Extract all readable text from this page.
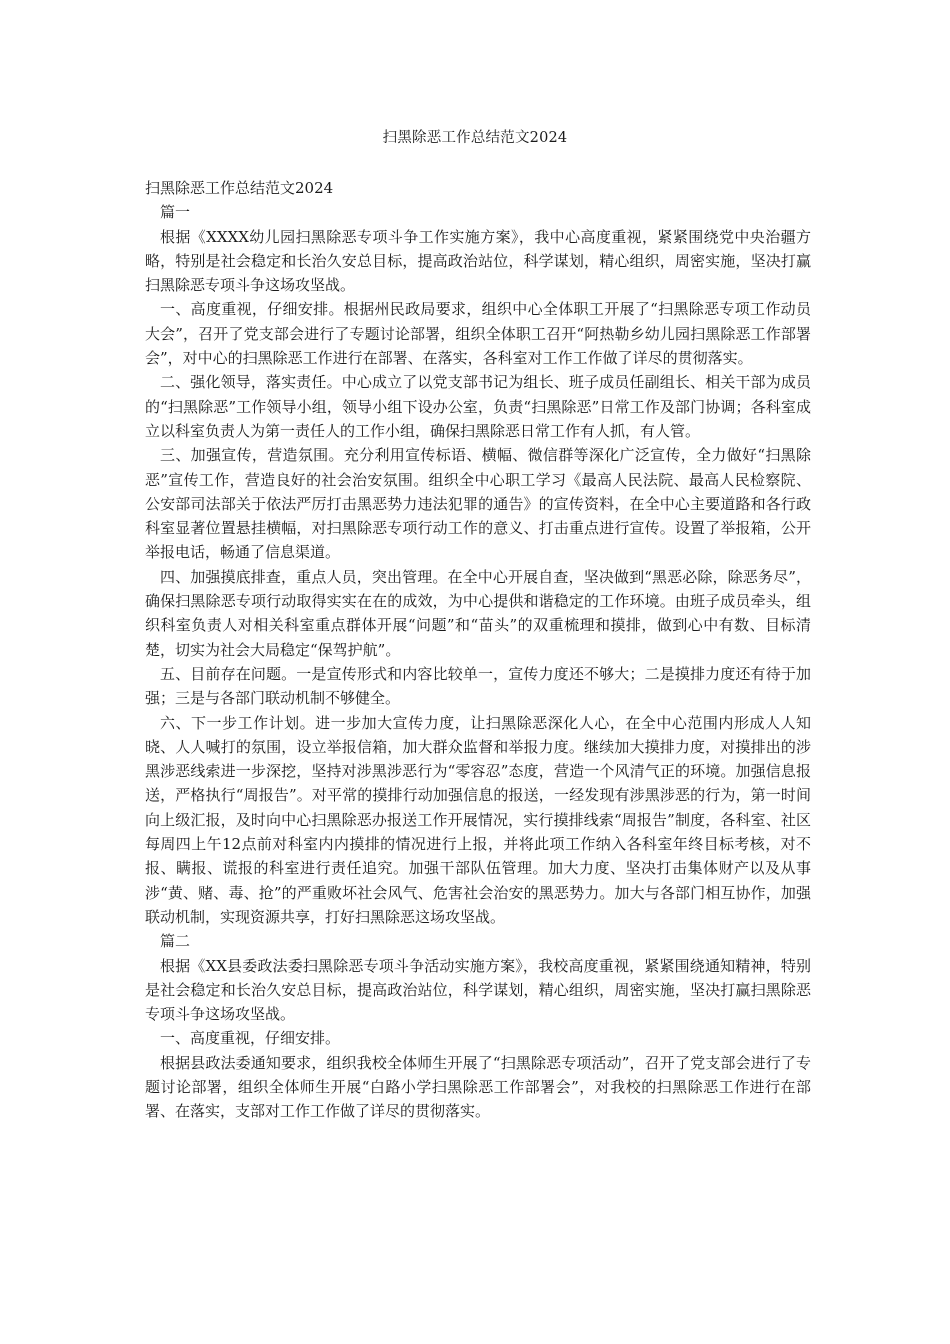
扫黑除恶工作总结范文2024

扫黑除恶工作总结范文2024

篇一

根据《XXXX幼儿园扫黑除恶专项斗争工作实施方案》，我中心高度重视，紧紧围绕党中央治疆方略，特别是社会稳定和长治久安总目标，提高政治站位，科学谋划，精心组织，周密实施，坚决打赢扫黑除恶专项斗争这场攻坚战。

一、高度重视，仔细安排。根据州民政局要求，组织中心全体职工开展了“扫黑除恶专项工作动员大会”，召开了党支部会进行了专题讨论部署，组织全体职工召开“阿热勒乡幼儿园扫黑除恶工作部署会”，对中心的扫黑除恶工作进行在部署、在落实，各科室对工作工作做了详尽的贯彻落实。

二、强化领导，落实责任。中心成立了以党支部书记为组长、班子成员任副组长、相关干部为成员的“扫黑除恶”工作领导小组，领导小组下设办公室，负责“扫黑除恶”日常工作及部门协调；各科室成立以科室负责人为第一责任人的工作小组，确保扫黑除恶日常工作有人抓，有人管。

三、加强宣传，营造氛围。充分利用宣传标语、横幅、微信群等深化广泛宣传，全力做好“扫黑除恶”宣传工作，营造良好的社会治安氛围。组织全中心职工学习《最高人民法院、最高人民检察院、公安部司法部关于依法严厉打击黑恶势力违法犯罪的通告》的宣传资料，在全中心主要道路和各行政科室显著位置悬挂横幅，对扫黑除恶专项行动工作的意义、打击重点进行宣传。设置了举报箱，公开举报电话，畅通了信息渠道。

四、加强摸底排查，重点人员，突出管理。在全中心开展自查，坚决做到“黑恶必除，除恶务尽”，确保扫黑除恶专项行动取得实实在在的成效，为中心提供和谐稳定的工作环境。由班子成员牵头，组织科室负责人对相关科室重点群体开展“问题”和“苗头”的双重梳理和摸排，做到心中有数、目标清楚，切实为社会大局稳定“保驾护航”。

五、目前存在问题。一是宣传形式和内容比较单一，宣传力度还不够大；二是摸排力度还有待于加强；三是与各部门联动机制不够健全。

六、下一步工作计划。进一步加大宣传力度，让扫黑除恶深化人心，在全中心范围内形成人人知晓、人人喊打的氛围，设立举报信箱，加大群众监督和举报力度。继续加大摸排力度，对摸排出的涉黑涉恶线索进一步深挖，坚持对涉黑涉恶行为“零容忍”态度，营造一个风清气正的环境。加强信息报送，严格执行“周报告”。对平常的摸排行动加强信息的报送，一经发现有涉黑涉恶的行为，第一时间向上级汇报，及时向中心扫黑除恶办报送工作开展情况，实行摸排线索“周报告”制度，各科室、社区每周四上午12点前对科室内内摸排的情况进行上报，并将此项工作纳入各科室年终目标考核，对不报、瞒报、谎报的科室进行责任追究。加强干部队伍管理。加大力度、坚决打击集体财产以及从事涉“黄、赌、毒、抢”的严重败坏社会风气、危害社会治安的黑恶势力。加大与各部门相互协作，加强联动机制，实现资源共享，打好扫黑除恶这场攻坚战。

篇二

根据《XX县委政法委扫黑除恶专项斗争活动实施方案》，我校高度重视，紧紧围绕通知精神，特别是社会稳定和长治久安总目标，提高政治站位，科学谋划，精心组织，周密实施，坚决打赢扫黑除恶专项斗争这场攻坚战。

一、高度重视，仔细安排。

根据县政法委通知要求，组织我校全体师生开展了“扫黑除恶专项活动”，召开了党支部会进行了专题讨论部署，组织全体师生开展“白路小学扫黑除恶工作部署会”，对我校的扫黑除恶工作进行在部署、在落实，支部对工作工作做了详尽的贯彻落实。
